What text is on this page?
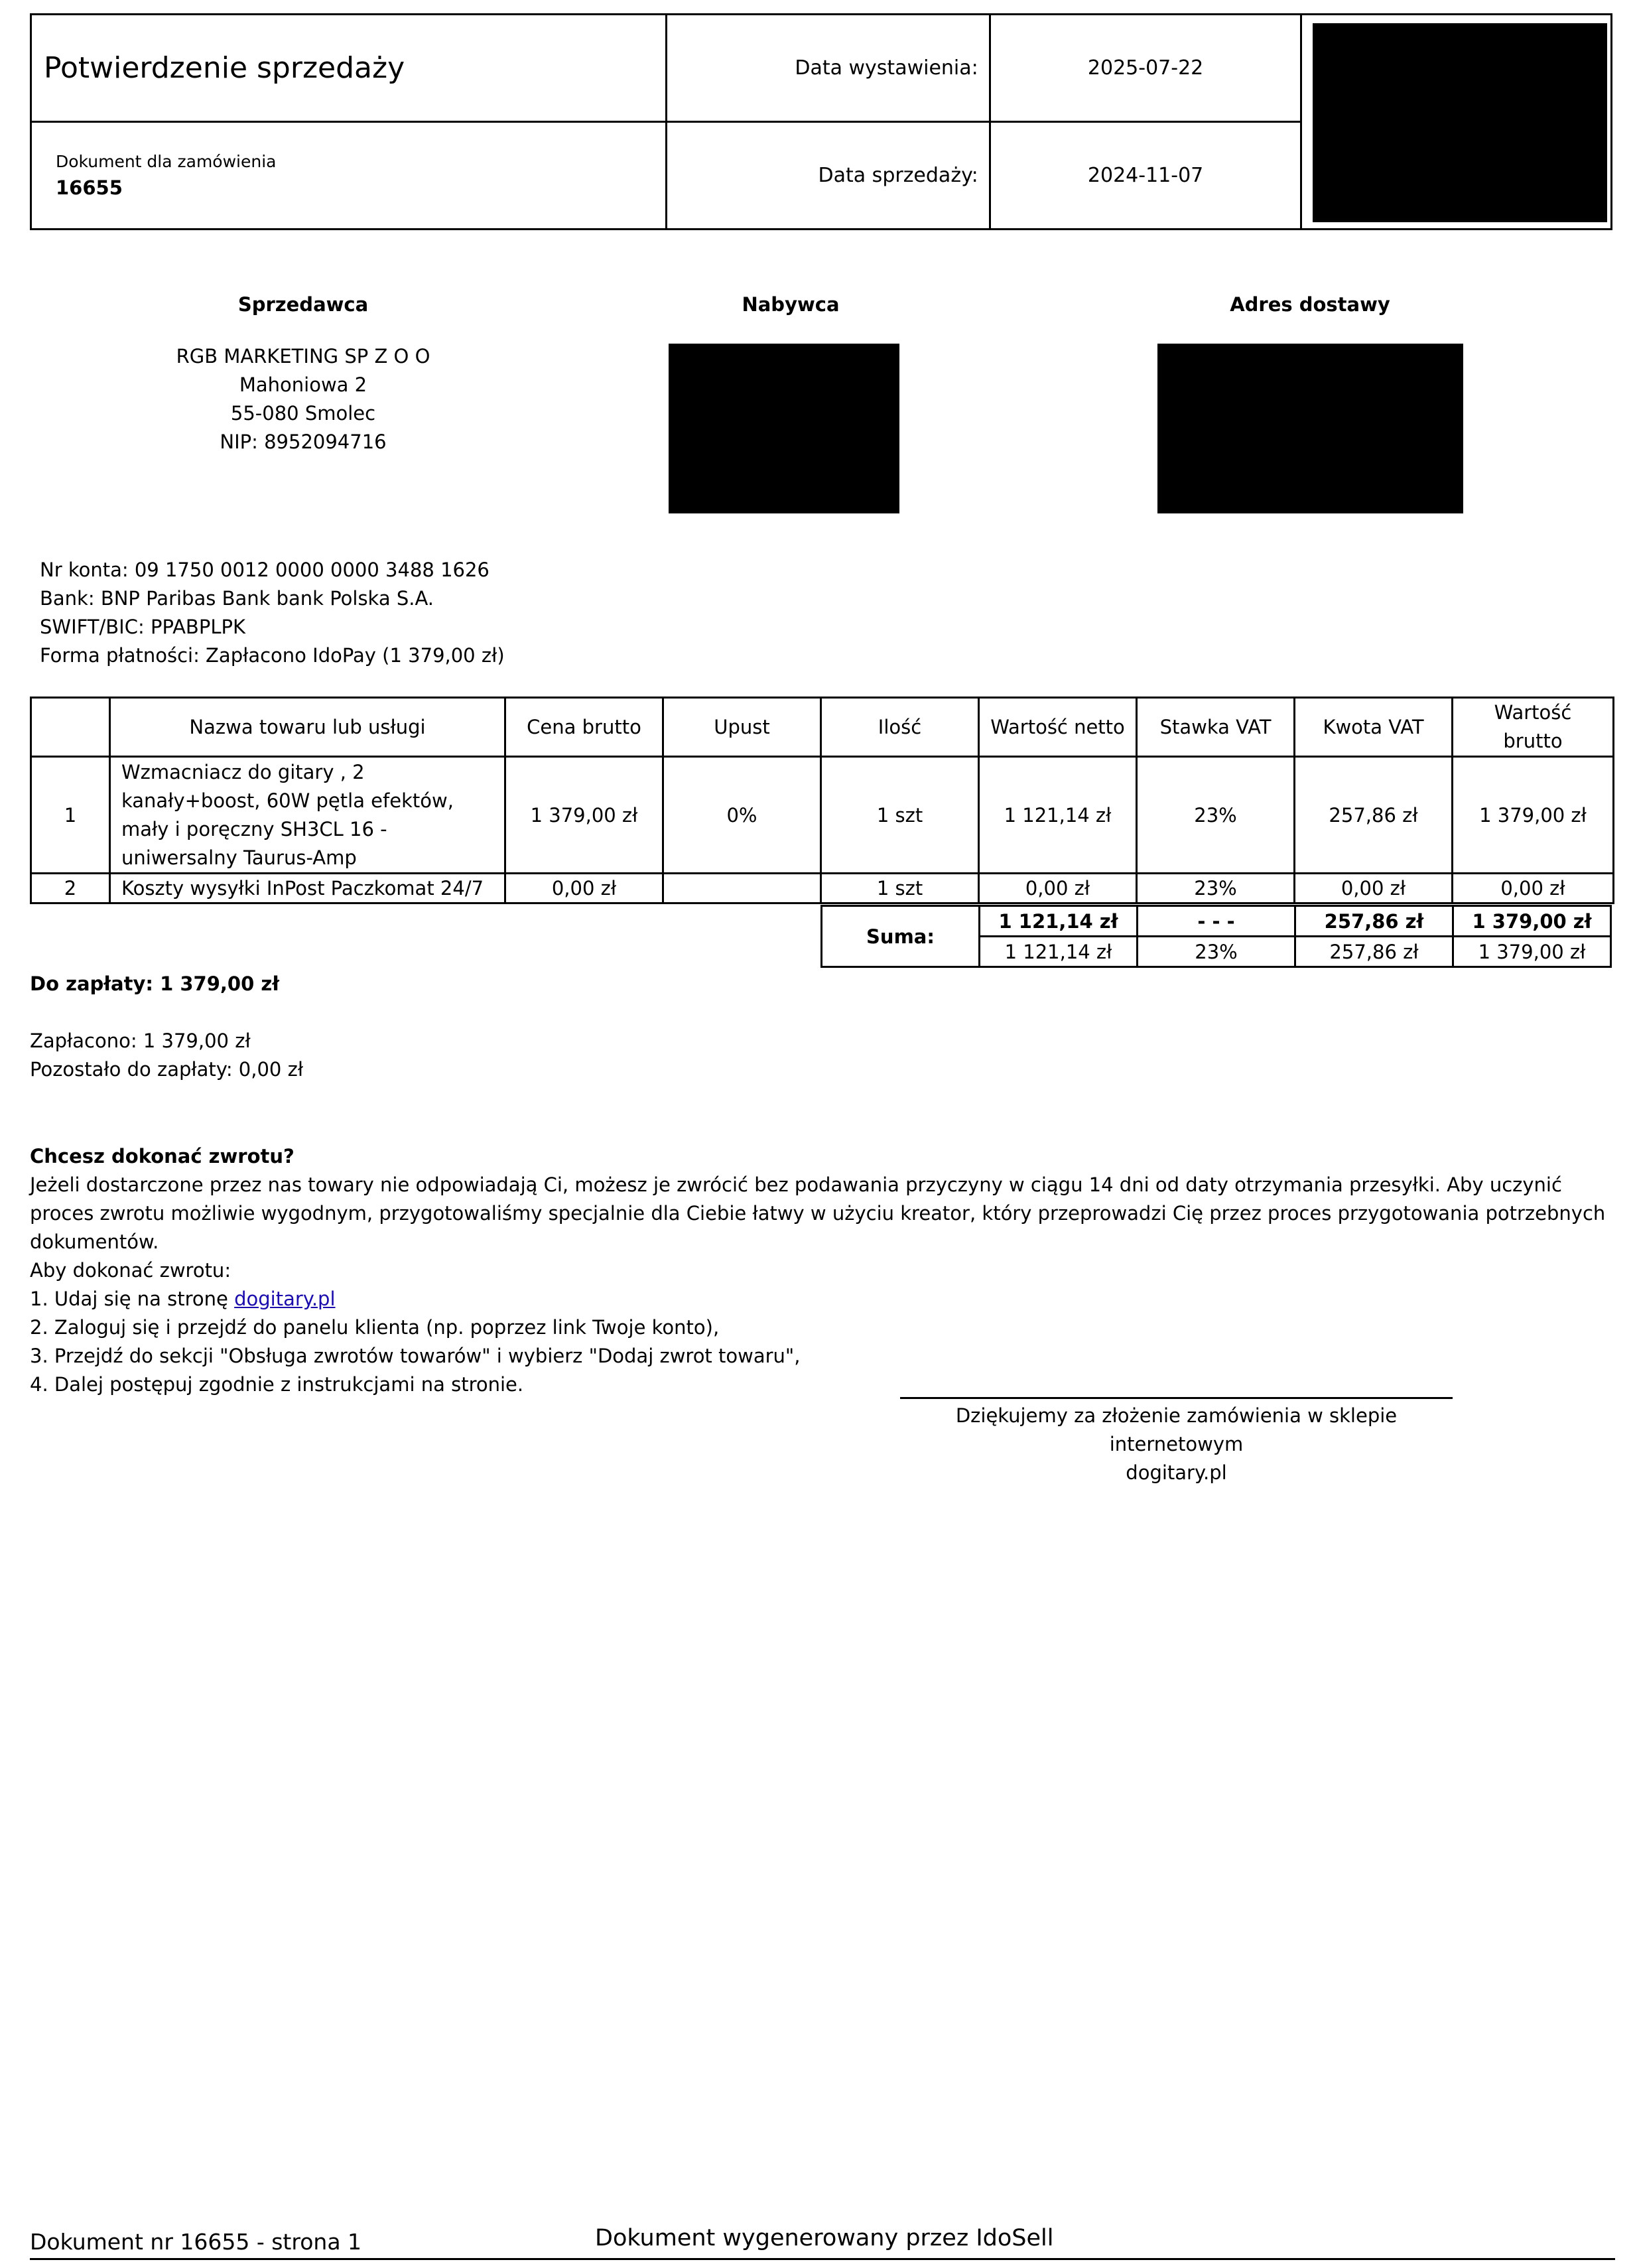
Potwierdzenie sprzedaży	Data wystawienia:	2025-07-22	

Dokument dla zamówienia
16655	Data sprzedaży:	2024-11-07	
Sprzedawca
RGB MARKETING SP Z O O
Mahoniowa 2
55-080 Smolec
NIP: 8952094716
Nabywca	Adres dostawy
Nr konta: 09 1750 0012 0000 0000 3488 1626
Bank: BNP Paribas Bank bank Polska S.A.
SWIFT/BIC: PPABPLPK
Forma płatności: Zapłacono IdoPay (1 379,00 zł)
	Nazwa towaru lub usługi	Cena brutto	Upust	Ilość	Wartość netto	Stawka VAT	Kwota VAT	Wartość brutto
1	Wzmacniacz do gitary , 2 kanały+boost, 60W pętla efektów, mały i poręczny SH3CL 16 - uniwersalny Taurus-Amp	1 379,00 zł	0%	1 szt	1 121,14 zł	23%	257,86 zł	1 379,00 zł
2	Koszty wysyłki InPost Paczkomat 24/7	0,00 zł		1 szt	0,00 zł	23%	0,00 zł	0,00 zł
Suma:	1 121,14 zł	- - -	257,86 zł	1 379,00 zł
	1 121,14 zł	23%	257,86 zł	1 379,00 zł
Do zapłaty: 1 379,00 zł
Zapłacono: 1 379,00 zł
Pozostało do zapłaty: 0,00 zł
Chcesz dokonać zwrotu?
Jeżeli dostarczone przez nas towary nie odpowiadają Ci, możesz je zwrócić bez podawania przyczyny w ciągu 14 dni od daty otrzymania przesyłki. Aby uczynić proces zwrotu możliwie wygodnym, przygotowaliśmy specjalnie dla Ciebie łatwy w użyciu kreator, który przeprowadzi Cię przez proces przygotowania potrzebnych dokumentów.
Aby dokonać zwrotu:
1. Udaj się na stronę dogitary.pl
2. Zaloguj się i przejdź do panelu klienta (np. poprzez link Twoje konto),
3. Przejdź do sekcji "Obsługa zwrotów towarów" i wybierz "Dodaj zwrot towaru",
4. Dalej postępuj zgodnie z instrukcjami na stronie.
Dziękujemy za złożenie zamówienia w sklepie
internetowym
dogitary.pl
Dokument nr 16655 - strona 1	Dokument wygenerowany przez IdoSell
